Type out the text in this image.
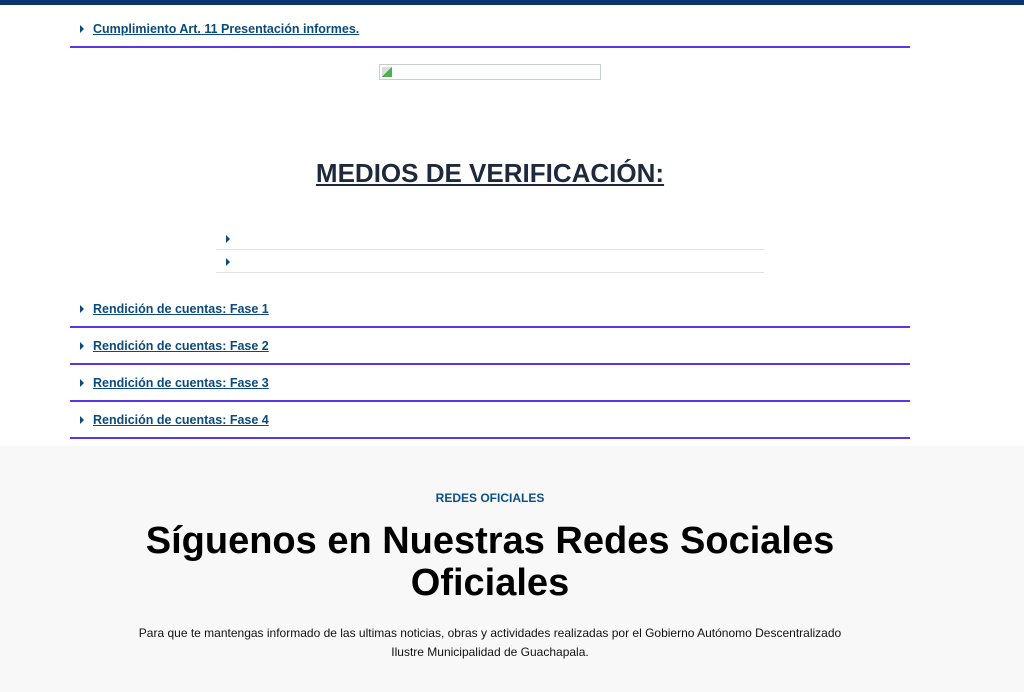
Cumplimiento Art. 11 Presentación informes.
MEDIOS DE VERIFICACIÓN:
Rendición de cuentas: Fase 1
Rendición de cuentas: Fase 2
Rendición de cuentas: Fase 3
Rendición de cuentas: Fase 4
REDES OFICIALES
Síguenos en Nuestras Redes Sociales
Oficiales
Para que te mantengas informado de las ultimas noticias, obras y actividades realizadas por el Gobierno Autónomo Descentralizado
Ilustre Municipalidad de Guachapala.
